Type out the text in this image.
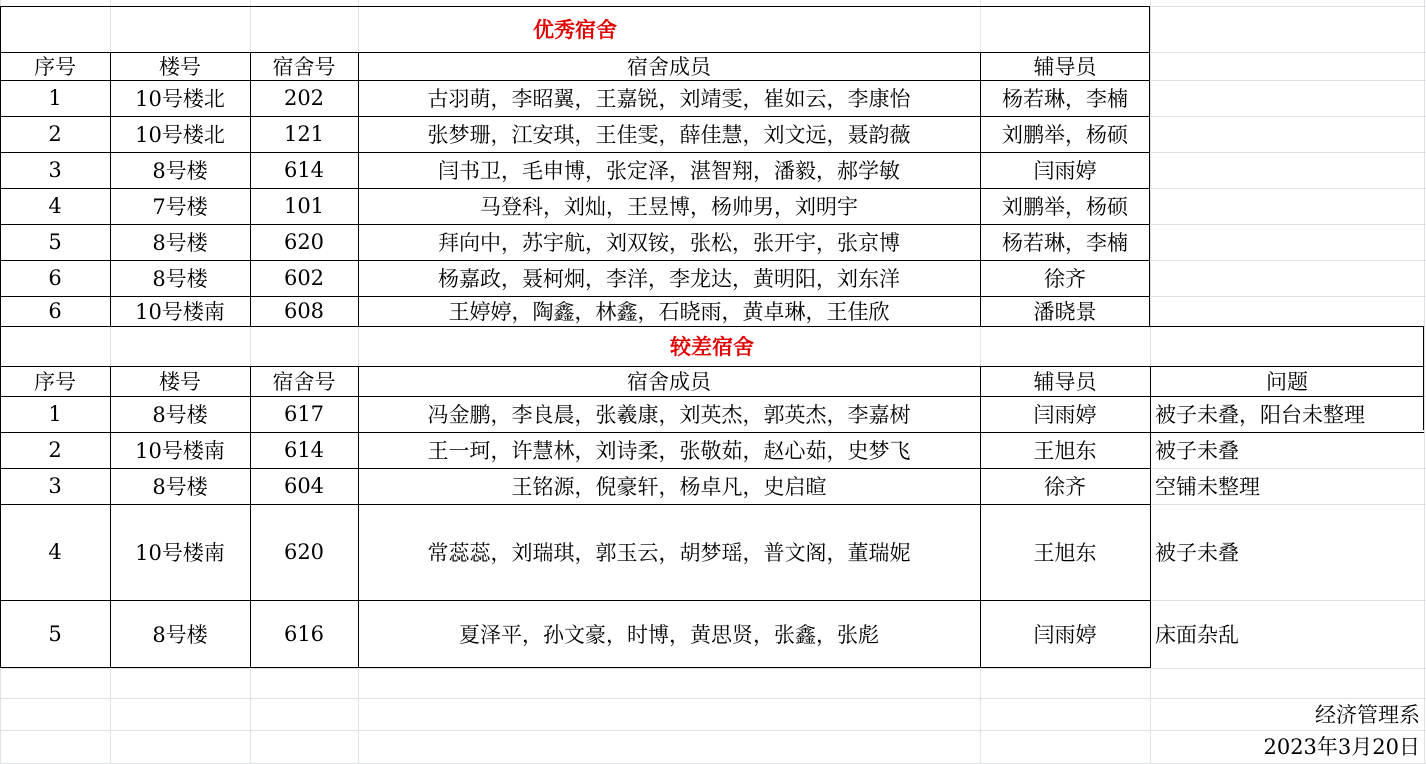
优秀宿舍
较差宿舍
序号	楼号	宿舍号	宿舍成员	辅导员
1	10号楼北	202	古羽萌，李昭翼，王嘉锐，刘靖雯，崔如云，李康怡	杨若琳，李楠
2	10号楼北	121	张梦珊，江安琪，王佳雯，薛佳慧，刘文远，聂韵薇	刘鹏举，杨硕
3	8号楼	614	闫书卫，毛申博，张定泽，湛智翔，潘毅，郝学敏	闫雨婷
4	7号楼	101	马登科，刘灿，王昱博，杨帅男，刘明宇	刘鹏举，杨硕
5	8号楼	620	拜向中，苏宇航，刘双铵，张松，张开宇，张京博	杨若琳，李楠
6	8号楼	602	杨嘉政，聂柯炯，李洋，李龙达，黄明阳，刘东洋	徐齐
6	10号楼南	608	王婷婷，陶鑫，林鑫，石晓雨，黄卓琳，王佳欣	潘晓景
序号	楼号	宿舍号	宿舍成员	辅导员	问题
1	8号楼	617	冯金鹏，李良晨，张羲康，刘英杰，郭英杰，李嘉树	闫雨婷	被子未叠，阳台未整理
2	10号楼南	614	王一珂，许慧林，刘诗柔，张敬茹，赵心茹，史梦飞	王旭东	被子未叠
3	8号楼	604	王铭源，倪豪轩，杨卓凡，史启暄	徐齐	空铺未整理
4	10号楼南	620	常蕊蕊，刘瑞琪，郭玉云，胡梦瑶，普文阁，董瑞妮	王旭东	被子未叠
5	8号楼	616	夏泽平，孙文豪，时博，黄思贤，张鑫，张彪	闫雨婷	床面杂乱
经济管理系
2023年3月20日
